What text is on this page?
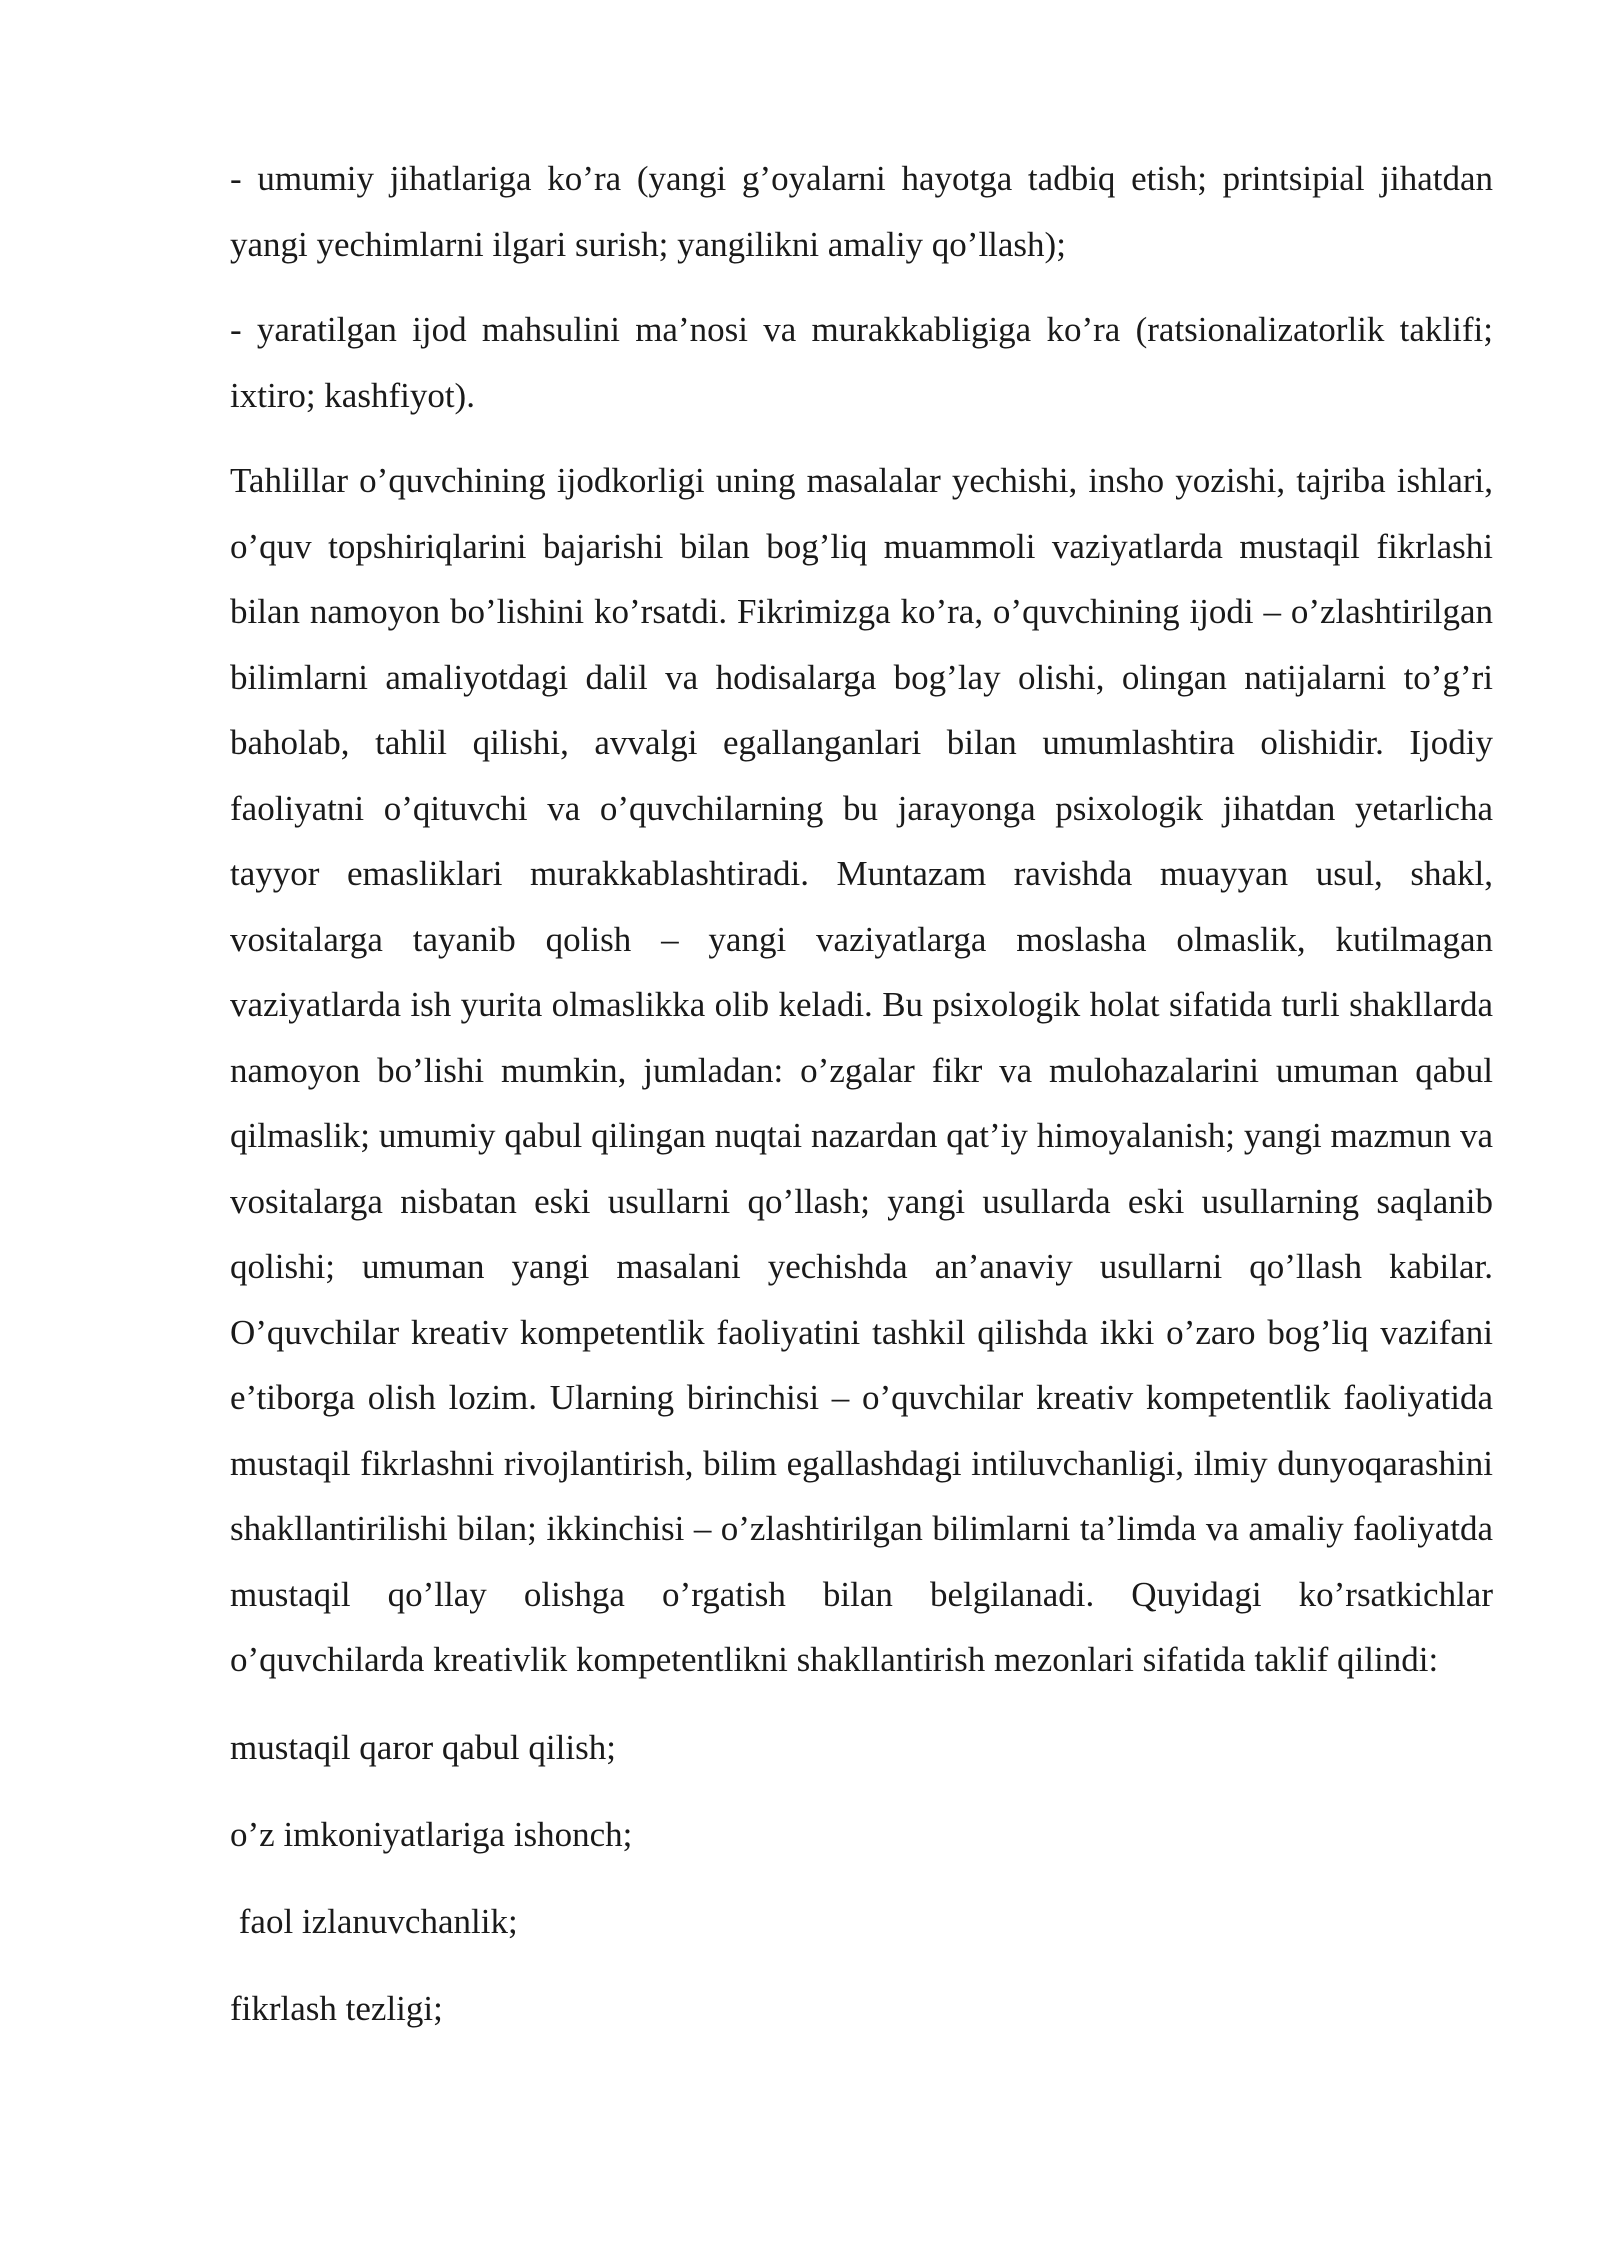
- umumiy jihatlariga ko’ra (yangi g’oyalarni hayotga tadbiq etish; printsipial jihatdan yangi yechimlarni ilgari surish; yangilikni amaliy qo’llash);

- yaratilgan ijod mahsulini ma’nosi va murakkabligiga ko’ra (ratsionalizatorlik taklifi; ixtiro; kashfiyot).

Tahlillar o’quvchining ijodkorligi uning masalalar yechishi, insho yozishi, tajriba ishlari, o’quv topshiriqlarini bajarishi bilan bog’liq muammoli vaziyatlarda mustaqil fikrlashi bilan namoyon bo’lishini ko’rsatdi. Fikrimizga ko’ra, o’quvchining ijodi – o’zlashtirilgan bilimlarni amaliyotdagi dalil va hodisalarga bog’lay olishi, olingan natijalarni to’g’ri baholab, tahlil qilishi, avvalgi egallanganlari bilan umumlashtira olishidir. Ijodiy faoliyatni o’qituvchi va o’quvchilarning bu jarayonga psixologik jihatdan yetarlicha tayyor emasliklari murakkablashtiradi. Muntazam ravishda muayyan usul, shakl, vositalarga tayanib qolish – yangi vaziyatlarga moslasha olmaslik, kutilmagan vaziyatlarda ish yurita olmaslikka olib keladi. Bu psixologik holat sifatida turli shakllarda namoyon bo’lishi mumkin, jumladan: o’zgalar fikr va mulohazalarini umuman qabul qilmaslik; umumiy qabul qilingan nuqtai nazardan qat’iy himoyalanish; yangi mazmun va vositalarga nisbatan eski usullarni qo’llash; yangi usullarda eski usullarning saqlanib qolishi; umuman yangi masalani yechishda an’anaviy usullarni qo’llash kabilar. O’quvchilar kreativ kompetentlik faoliyatini tashkil qilishda ikki o’zaro bog’liq vazifani e’tiborga olish lozim. Ularning birinchisi – o’quvchilar kreativ kompetentlik faoliyatida mustaqil fikrlashni rivojlantirish, bilim egallashdagi intiluvchanligi, ilmiy dunyoqarashini shakllantirilishi bilan; ikkinchisi – o’zlashtirilgan bilimlarni ta’limda va amaliy faoliyatda mustaqil qo’llay olishga o’rgatish bilan belgilanadi. Quyidagi ko’rsatkichlar o’quvchilarda kreativlik kompetentlikni shakllantirish mezonlari sifatida taklif qilindi:

mustaqil qaror qabul qilish;

o’z imkoniyatlariga ishonch;

faol izlanuvchanlik;

fikrlash tezligi;
